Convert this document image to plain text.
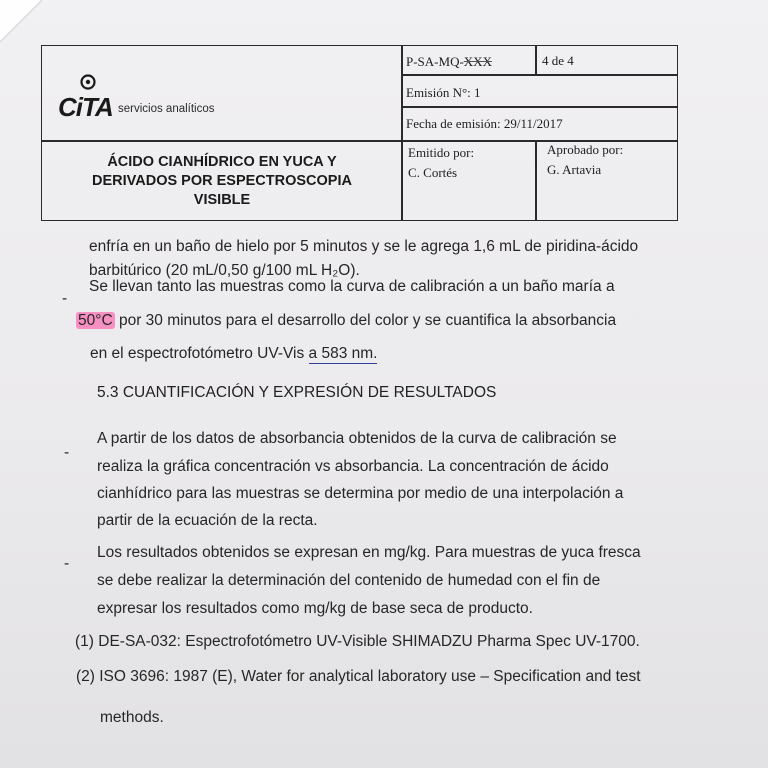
CiTA servicios analíticos
ÁCIDO CIANHÍDRICO EN YUCA Y
DERIVADOS POR ESPECTROSCOPIA
VISIBLE
P-SA-MQ-XXX	4 de 4
Emisión N°: 1
Fecha de emisión: 29/11/2017
Emitido por:
C. Cortés
Aprobado por:
G. Artavia
enfría en un baño de hielo por 5 minutos y se le agrega 1,6 mL de piridina-ácido
barbitúrico (20 mL/0,50 g/100 mL H₂O).
-
Se llevan tanto las muestras como la curva de calibración a un baño maría a
50°C por 30 minutos para el desarrollo del color y se cuantifica la absorbancia
en el espectrofotómetro UV-Vis a 583 nm.
5.3 CUANTIFICACIÓN Y EXPRESIÓN DE RESULTADOS
-
A partir de los datos de absorbancia obtenidos de la curva de calibración se
realiza la gráfica concentración vs absorbancia. La concentración de ácido
cianhídrico para las muestras se determina por medio de una interpolación a
partir de la ecuación de la recta.
-
Los resultados obtenidos se expresan en mg/kg. Para muestras de yuca fresca
se debe realizar la determinación del contenido de humedad con el fin de
expresar los resultados como mg/kg de base seca de producto.
(1) DE-SA-032: Espectrofotómetro UV-Visible SHIMADZU Pharma Spec UV-1700.
(2) ISO 3696: 1987 (E), Water for analytical laboratory use – Specification and test
methods.
